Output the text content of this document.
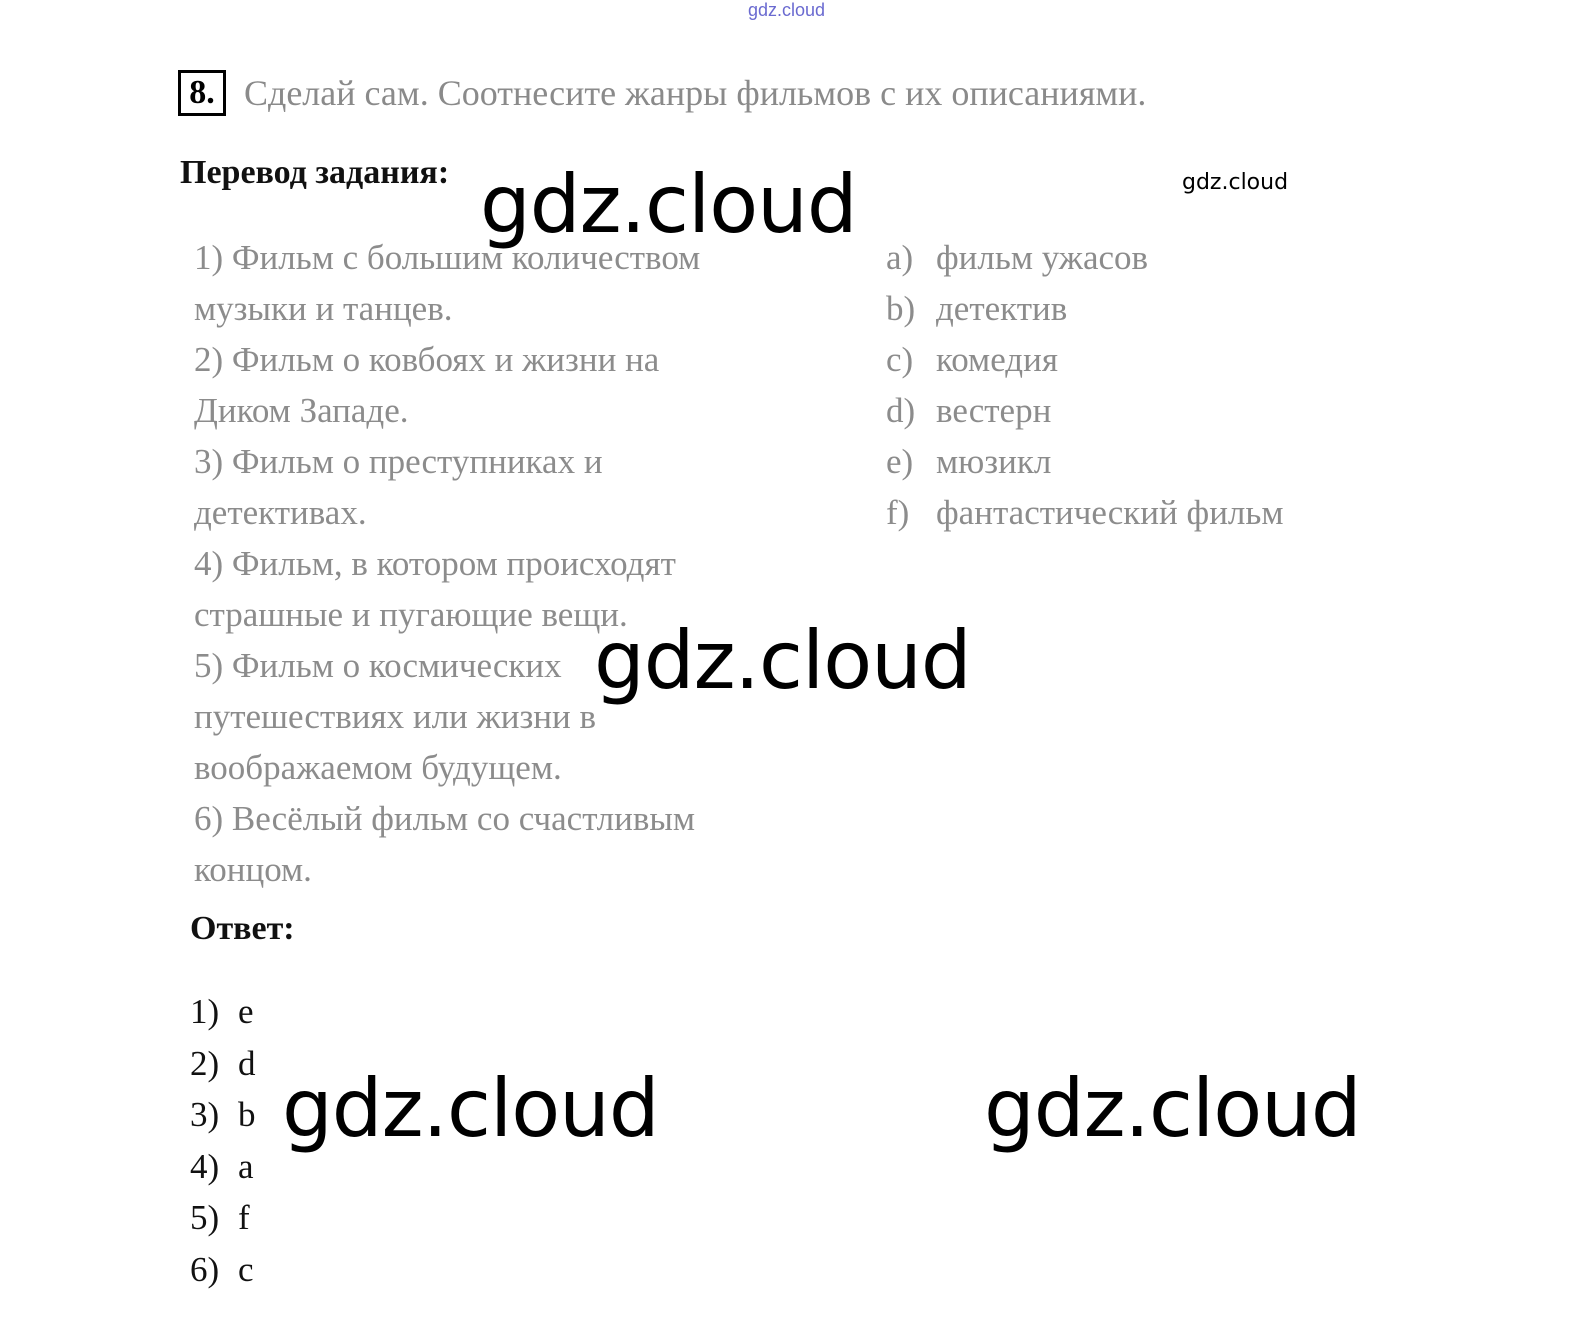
gdz.cloud
8. Сделай сам. Соотнесите жанры фильмов с их описаниями.
Перевод задания:
1) Фильм с большим количеством
музыки и танцев.
2) Фильм о ковбоях и жизни на
Диком Западе.
3) Фильм о преступниках и
детективах.
4) Фильм, в котором происходят
страшные и пугающие вещи.
5) Фильм о космических
путешествиях или жизни в
воображаемом будущем.
6) Весёлый фильм со счастливым
концом.
a) фильм ужасов
b) детектив
c) комедия
d) вестерн
e) мюзикл
f) фантастический фильм
Ответ:
1) e
2) d
3) b
4) a
5) f
6) c
gdz.cloud
gdz.cloud
gdz.cloud
gdz.cloud	gdz.cloud
